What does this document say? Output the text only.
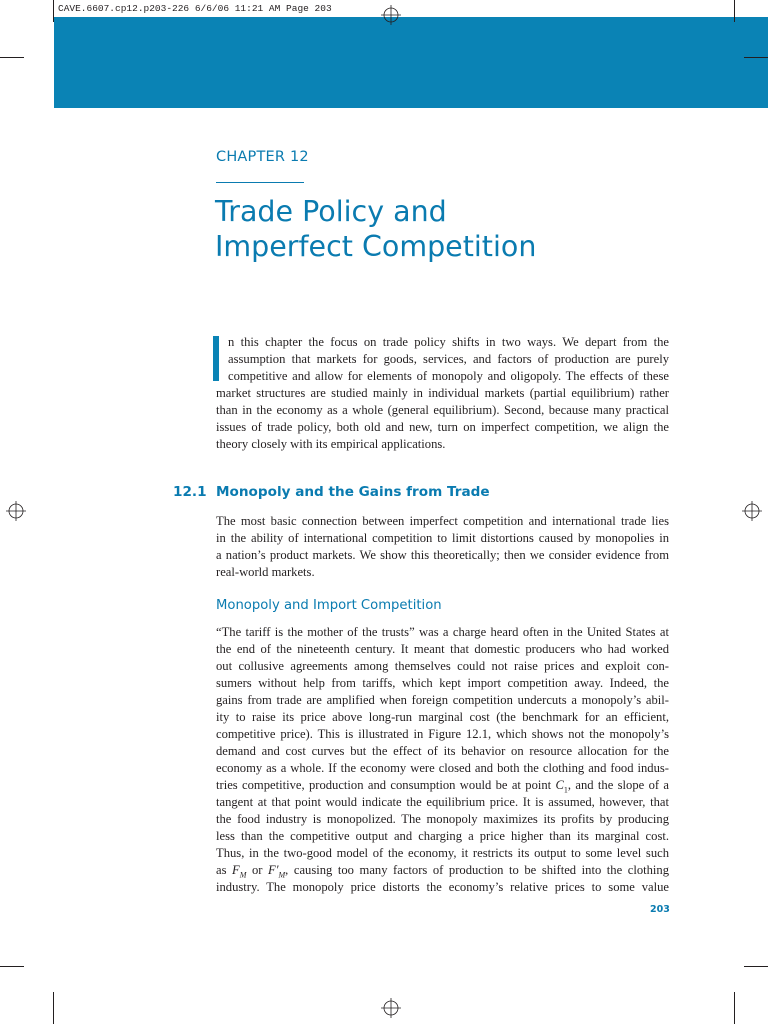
CAVE.6607.cp12.p203-226 6/6/06 11:21 AM Page 203
CHAPTER 12
Trade Policy and
Imperfect Competition
n this chapter the focus on trade policy shifts in two ways. We depart from the
assumption that markets for goods, services, and factors of production are purely
competitive and allow for elements of monopoly and oligopoly. The effects of these
market structures are studied mainly in individual markets (partial equilibrium) rather
than in the economy as a whole (general equilibrium). Second, because many practical
issues of trade policy, both old and new, turn on imperfect competition, we align the
theory closely with its empirical applications.
12.1 Monopoly and the Gains from Trade
The most basic connection between imperfect competition and international trade lies
in the ability of international competition to limit distortions caused by monopolies in
a nation’s product markets. We show this theoretically; then we consider evidence from
real-world markets.
Monopoly and Import Competition
“The tariff is the mother of the trusts” was a charge heard often in the United States at
the end of the nineteenth century. It meant that domestic producers who had worked
out collusive agreements among themselves could not raise prices and exploit con-
sumers without help from tariffs, which kept import competition away. Indeed, the
gains from trade are amplified when foreign competition undercuts a monopoly’s abil-
ity to raise its price above long-run marginal cost (the benchmark for an efficient,
competitive price). This is illustrated in Figure 12.1, which shows not the monopoly’s
demand and cost curves but the effect of its behavior on resource allocation for the
economy as a whole. If the economy were closed and both the clothing and food indus-
tries competitive, production and consumption would be at point $C_1$, and the slope of a
tangent at that point would indicate the equilibrium price. It is assumed, however, that
the food industry is monopolized. The monopoly maximizes its profits by producing
less than the competitive output and charging a price higher than its marginal cost.
Thus, in the two-good model of the economy, it restricts its output to some level such
as $F_M$ or $F'_M$, causing too many factors of production to be shifted into the clothing
industry. The monopoly price distorts the economy’s relative prices to some value
203
